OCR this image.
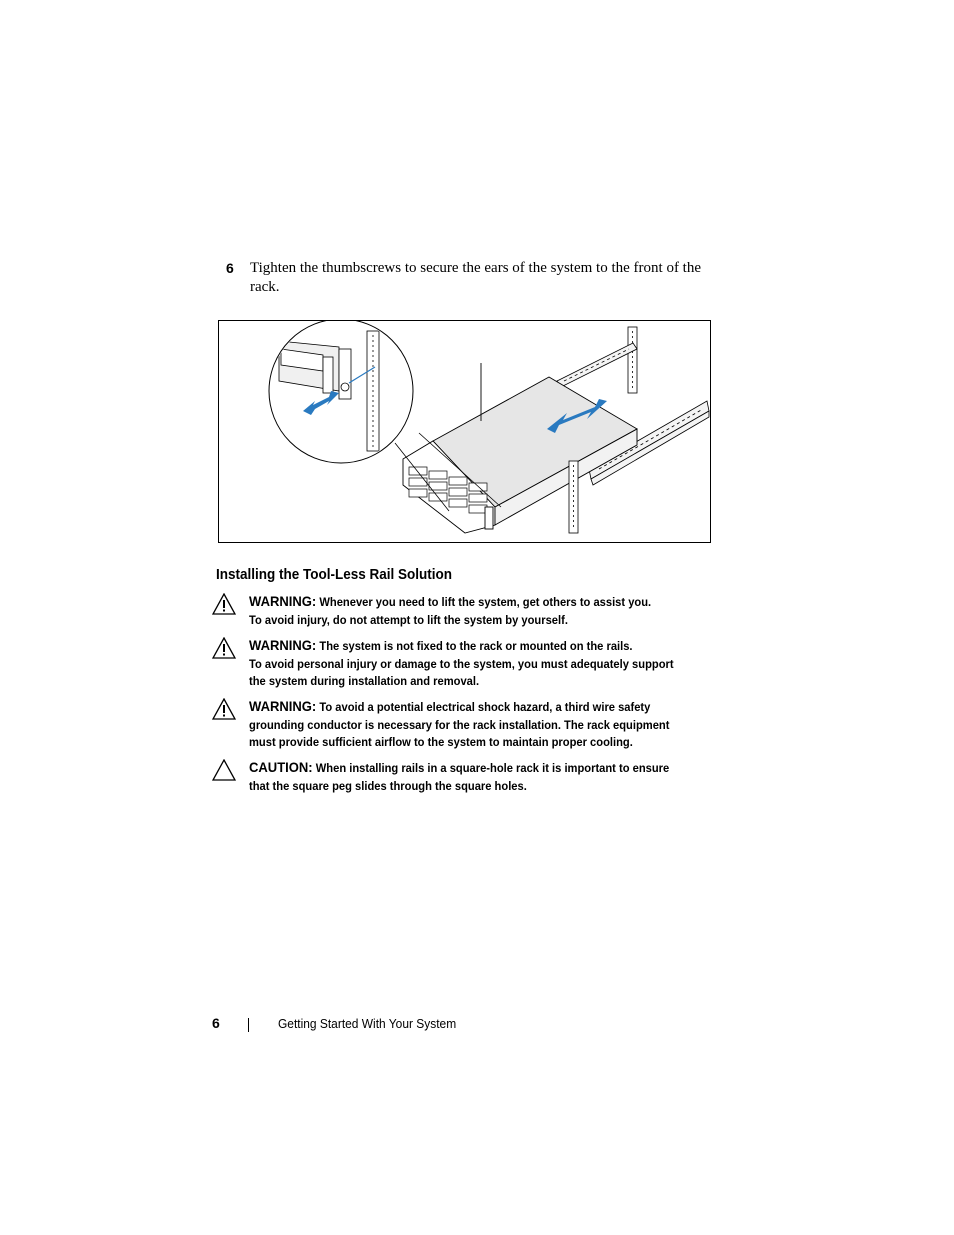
6 Tighten the thumbscrews to secure the ears of the system to the front of the rack.
Installing the Tool-Less Rail Solution
WARNING: Whenever you need to lift the system, get others to assist you.
To avoid injury, do not attempt to lift the system by yourself.
WARNING: The system is not fixed to the rack or mounted on the rails.
To avoid personal injury or damage to the system, you must adequately support
the system during installation and removal.
WARNING: To avoid a potential electrical shock hazard, a third wire safety
grounding conductor is necessary for the rack installation. The rack equipment
must provide sufficient airflow to the system to maintain proper cooling.
CAUTION: When installing rails in a square-hole rack it is important to ensure
that the square peg slides through the square holes.
6	Getting Started With Your System
